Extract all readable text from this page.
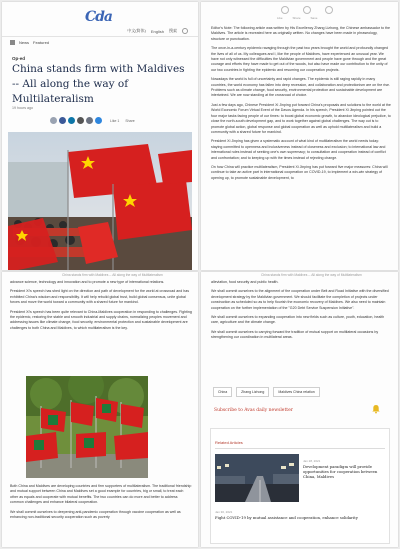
Cda
中文(简体) English 搜索
News Featured
Op-ed
China stands firm with Maldives -- All along the way of Multilateralism
19 hours ago
Like 1 Share
Like	Share	Save

Editor's Note: The following article was written by His Excellency Zhang Lizhong, the Chinese ambassador to the Maldives. The article is recreated here as originally written. No changes have been made in phraseology, structure or punctuation.

The once-in-a-century epidemic ravaging through the past two years brought the world and profoundly changed the lives of all of us. My colleagues and I, like the people of Maldives, have experienced an unusual year. We have not only witnessed the difficulties the Maldivian government and people have gone through and the great courage and efforts they have made to get out of the woods, but also have made our contribution to the unity of our two countries in fighting the epidemic and resuming our cooperation projects.

Nowadays the world is full of uncertainty and rapid changes. The epidemic is still raging rapidly in many countries, the world economy has fallen into deep recession, and collaboration and protectionism are on the rise. Problems such as climate change, food security, environmental protection and sustainable development are intertwined. We are now standing at the crossroad of choice.

Just a few days ago, Chinese President Xi Jinping put forward China's proposals and solutions to the world at the World Economic Forum Virtual Event of the Davos Agenda. In his speech, President Xi Jinping pointed out the four major tasks facing people of our times: to boost global economic growth, to abandon ideological prejudice, to close the north-south development gap, and to work together against global challenges. The way out is to promote global action, global response and global cooperation as well as uphold multilateralism and build a community with a shared future for mankind.

President Xi Jinping has given a systematic account of what kind of multilateralism the world needs today: staying committed to openness and inclusiveness instead of closeness and exclusion; to international law and international rules instead of seeking one's own supremacy; to consultation and cooperation instead of conflict and confrontation; and to keeping up with the times instead of rejecting change.

On how China will practice multilateralism, President Xi Jinping has put forward five major measures: China will continue to take an active part in international cooperation on COVID-19, to implement a win-win strategy of opening up, to promote sustainable development, to

China stands firm with Maldives -- All along the way of Multilateralism

advance science, technology and innovation and to promote a new type of international relations.

President Xi's speech has shed light on the direction and path of development for the world at crossroad and has exhibited China's wisdom and responsibility. It will help rebuild global trust, build global consensus, unite global forces and move the world toward a community with a shared future for mankind.

President Xi's speech has been quite relevant to China-Maldives cooperation in responding to challenges. Fighting the epidemic, restoring the stable and smooth industrial and supply chains, normalizing peoples movement and addressing issues like climate change, food security, environmental protection and sustainable development are challenges to both China and Maldives, to which multilateralism is the key.

Both China and Maldives are developing countries and firm supporters of multilateralism. The traditional friendship and mutual support between China and Maldives set a good example for countries, big or small, to treat each other as equals and cooperate with mutual benefits. The two countries can do more and better to address common challenges and enhance bilateral cooperation.

We shall commit ourselves to deepening anti-pandemic cooperation through vaccine cooperation as well as enhancing non-traditional security cooperation such as poverty

China stands firm with Maldives -- All along the way of Multilateralism

alleviation, food security and public health.

We shall commit ourselves to the alignment of the cooperation under Belt and Road Initiative with the diversified development strategy by the Maldivian government. We should facilitate the completion of projects under construction as scheduled so as to help flourish the economic recovery of Maldives. We also need to maintain cooperation on the further implementation of the "G20 Debt Service Suspension Initiative".

We shall commit ourselves to expanding cooperation into new fields such as culture, youth, education, health care, agriculture and the climate change.

We shall commit ourselves to carrying forward the tradition of mutual support on multilateral occasions by strengthening our coordination in multilateral areas.

China	Zhang Lizhong	Maldives China relation
Subscribe to Avas daily newsletter
Related Articles
Jan 28, 2021
Development paradigm will provide opportunities for cooperation between China, Maldives
Jan 30, 2021
Fight COVID-19 by mutual assistance and cooperation, enhance solidarity
